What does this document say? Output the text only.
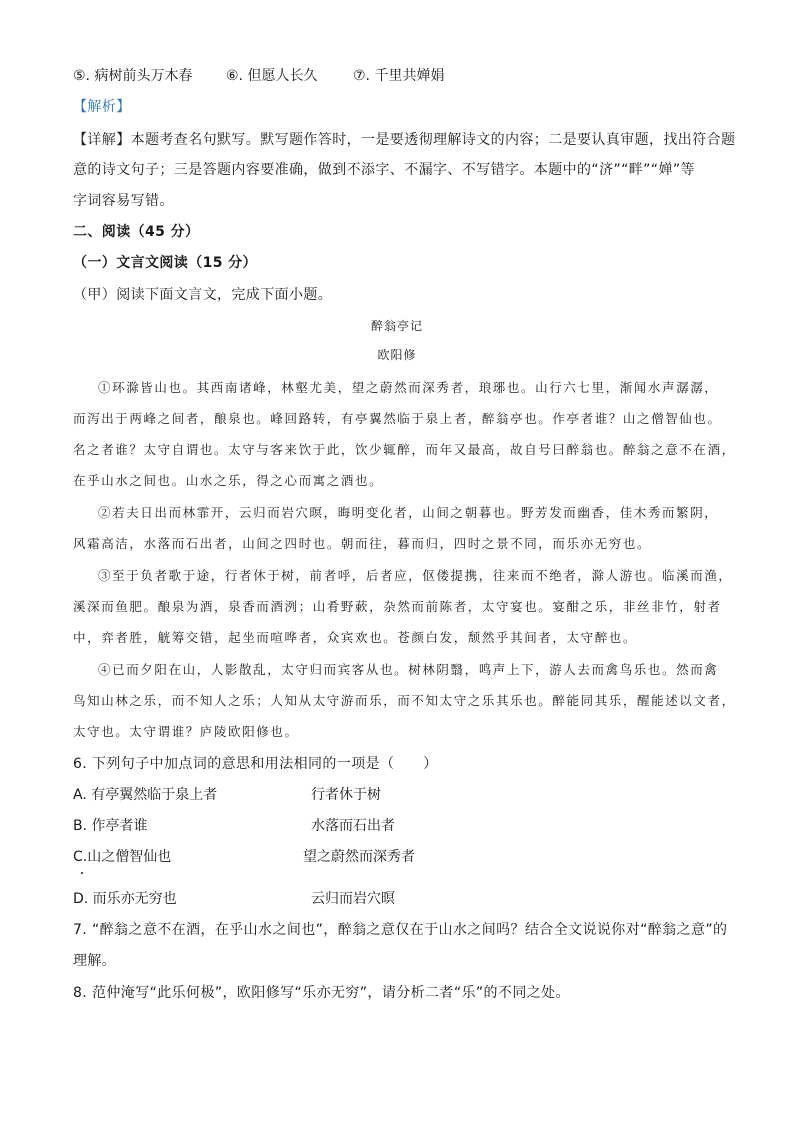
⑤. 病树前头万木春 ⑥. 但愿人长久	⑦. 千里共婵娟
【解析】
【详解】本题考查名句默写。默写题作答时，一是要透彻理解诗文的内容；二是要认真审题，找出符合题
意的诗文句子；三是答题内容要准确，做到不添字、不漏字、不写错字。本题中的“济”“畔”“婵”等
字词容易写错。
二、阅读（45 分）
（一）文言文阅读（15 分）
（甲）阅读下面文言文，完成下面小题。
醉翁亭记
欧阳修
①环滁皆山也。其西南诸峰，林壑尤美，望之蔚然而深秀者，琅琊也。山行六七里，渐闻水声潺潺，
而泻出于两峰之间者，酿泉也。峰回路转，有亭翼然临于泉上者，醉翁亭也。作亭者谁？山之僧智仙也。
名之者谁？太守自谓也。太守与客来饮于此，饮少辄醉，而年又最高，故自号曰醉翁也。醉翁之意不在酒，
在乎山水之间也。山水之乐，得之心而寓之酒也。
②若夫日出而林霏开，云归而岩穴暝，晦明变化者，山间之朝暮也。野芳发而幽香，佳木秀而繁阴，
风霜高洁，水落而石出者，山间之四时也。朝而往，暮而归，四时之景不同，而乐亦无穷也。
③至于负者歌于途，行者休于树，前者呼，后者应，伛偻提携，往来而不绝者，滁人游也。临溪而渔，
溪深而鱼肥。酿泉为酒，泉香而酒洌；山肴野蔌，杂然而前陈者，太守宴也。宴酣之乐，非丝非竹，射者
中，弈者胜，觥筹交错，起坐而喧哗者，众宾欢也。苍颜白发，颓然乎其间者，太守醉也。
④已而夕阳在山，人影散乱，太守归而宾客从也。树林阴翳，鸣声上下，游人去而禽鸟乐也。然而禽
鸟知山林之乐，而不知人之乐；人知从太守游而乐，而不知太守之乐其乐也。醉能同其乐，醒能述以文者，
太守也。太守谓谁？庐陵欧阳修也。
6. 下列句子中加点词的意思和用法相同的一项是（　　）
A. 有亭翼然临于泉上者	行者休于树
B. 作亭者谁	水落而石出者
C.山之僧智仙也	望之蔚然而深秀者
D. 而乐亦无穷也	云归而岩穴暝
7. “醉翁之意不在酒，在乎山水之间也”，醉翁之意仅在于山水之间吗？结合全文说说你对“醉翁之意”的
理解。
8. 范仲淹写“此乐何极”，欧阳修写“乐亦无穷”，请分析二者“乐”的不同之处。
